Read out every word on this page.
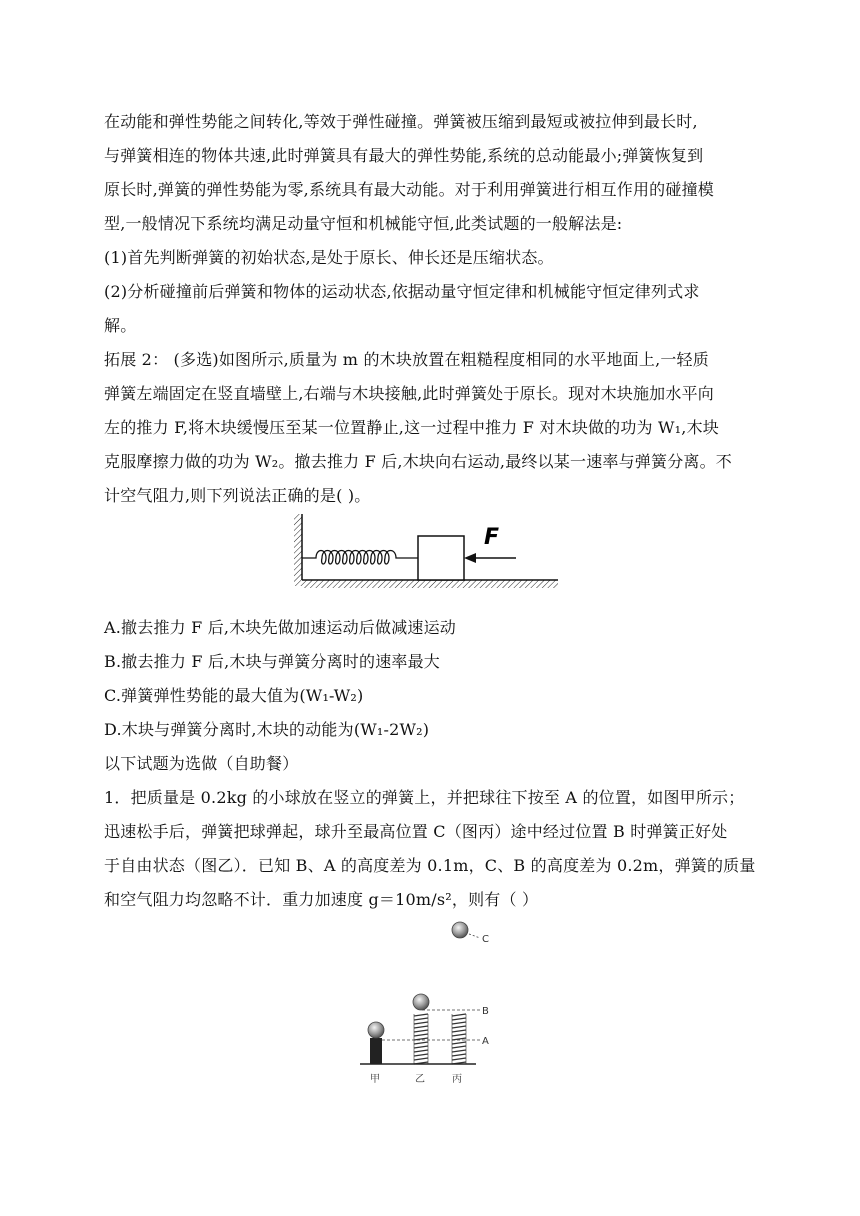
在动能和弹性势能之间转化,等效于弹性碰撞。弹簧被压缩到最短或被拉伸到最长时,
与弹簧相连的物体共速,此时弹簧具有最大的弹性势能,系统的总动能最小;弹簧恢复到
原长时,弹簧的弹性势能为零,系统具有最大动能。对于利用弹簧进行相互作用的碰撞模
型,一般情况下系统均满足动量守恒和机械能守恒,此类试题的一般解法是:
(1)首先判断弹簧的初始状态,是处于原长、伸长还是压缩状态。
(2)分析碰撞前后弹簧和物体的运动状态,依据动量守恒定律和机械能守恒定律列式求
解。
拓展 2： (多选)如图所示,质量为 m 的木块放置在粗糙程度相同的水平地面上,一轻质
弹簧左端固定在竖直墙壁上,右端与木块接触,此时弹簧处于原长。现对木块施加水平向
左的推力 F,将木块缓慢压至某一位置静止,这一过程中推力 F 对木块做的功为 W₁,木块
克服摩擦力做的功为 W₂。撤去推力 F 后,木块向右运动,最终以某一速率与弹簧分离。不
计空气阻力,则下列说法正确的是( )。
F
A.撤去推力 F 后,木块先做加速运动后做减速运动
B.撤去推力 F 后,木块与弹簧分离时的速率最大
C.弹簧弹性势能的最大值为(W₁-W₂)
D.木块与弹簧分离时,木块的动能为(W₁-2W₂)
以下试题为选做（自助餐）
1．把质量是 0.2kg 的小球放在竖立的弹簧上，并把球往下按至 A 的位置，如图甲所示；
迅速松手后，弹簧把球弹起，球升至最高位置 C（图丙）途中经过位置 B 时弹簧正好处
于自由状态（图乙）．已知 B、A 的高度差为 0.1m，C、B 的高度差为 0.2m，弹簧的质量
和空气阻力均忽略不计．重力加速度 g＝10m/s²，则有（ ）
C
B
A
甲	乙	丙
